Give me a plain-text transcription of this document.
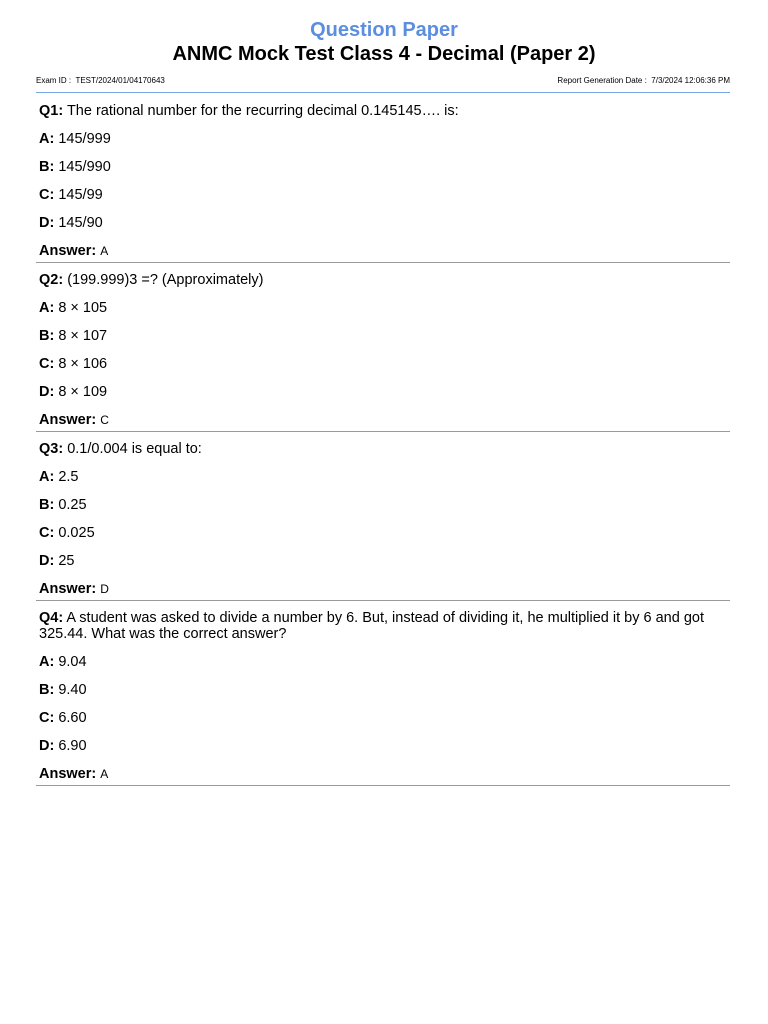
Question Paper
ANMC Mock Test Class 4 - Decimal (Paper 2)
Exam ID : TEST/2024/01/04170643	Report Generation Date : 7/3/2024 12:06:36 PM

Q1: The rational number for the recurring decimal 0.145145…. is:

A: 145/999

B: 145/990

C: 145/99

D: 145/90

Answer: A

Q2: (199.999)3 =? (Approximately)

A: 8 × 105

B: 8 × 107

C: 8 × 106

D: 8 × 109

Answer: C

Q3: 0.1/0.004 is equal to:

A: 2.5

B: 0.25

C: 0.025

D: 25

Answer: D

Q4: A student was asked to divide a number by 6. But, instead of dividing it, he multiplied it by 6 and got 325.44. What was the correct answer?

A: 9.04

B: 9.40

C: 6.60

D: 6.90

Answer: A
